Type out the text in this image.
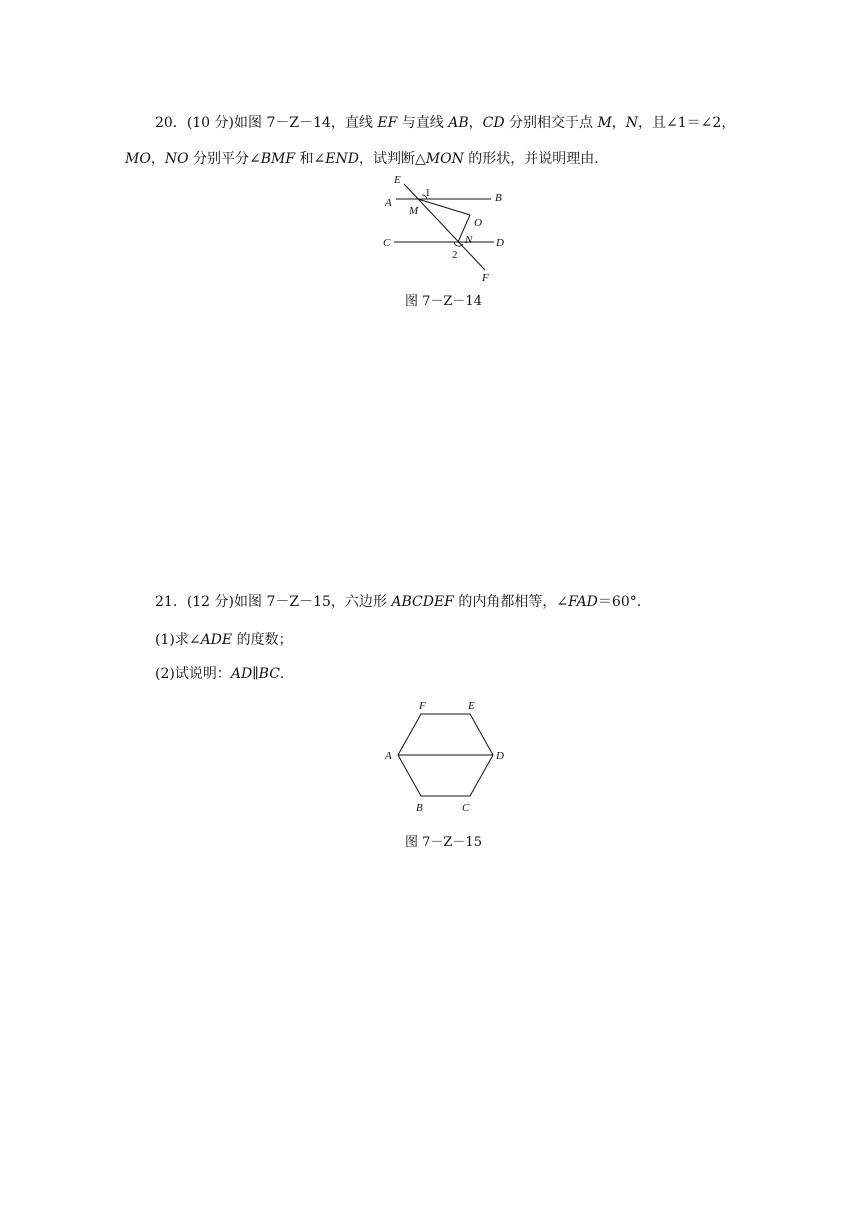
20．(10 分)如图 7－Z－14，直线 EF 与直线 AB，CD 分别相交于点 M，N，且∠1＝∠2，
MO，NO 分别平分∠BMF 和∠END，试判断△MON 的形状，并说明理由．
E
1
A	B
M
O
C	N D
2
F
图 7－Z－14
21．(12 分)如图 7－Z－15，六边形 ABCDEF 的内角都相等，∠FAD＝60°.
(1)求∠ADE 的度数；
(2)试说明：AD∥BC.
F	E
A	D
B	C
图 7－Z－15
